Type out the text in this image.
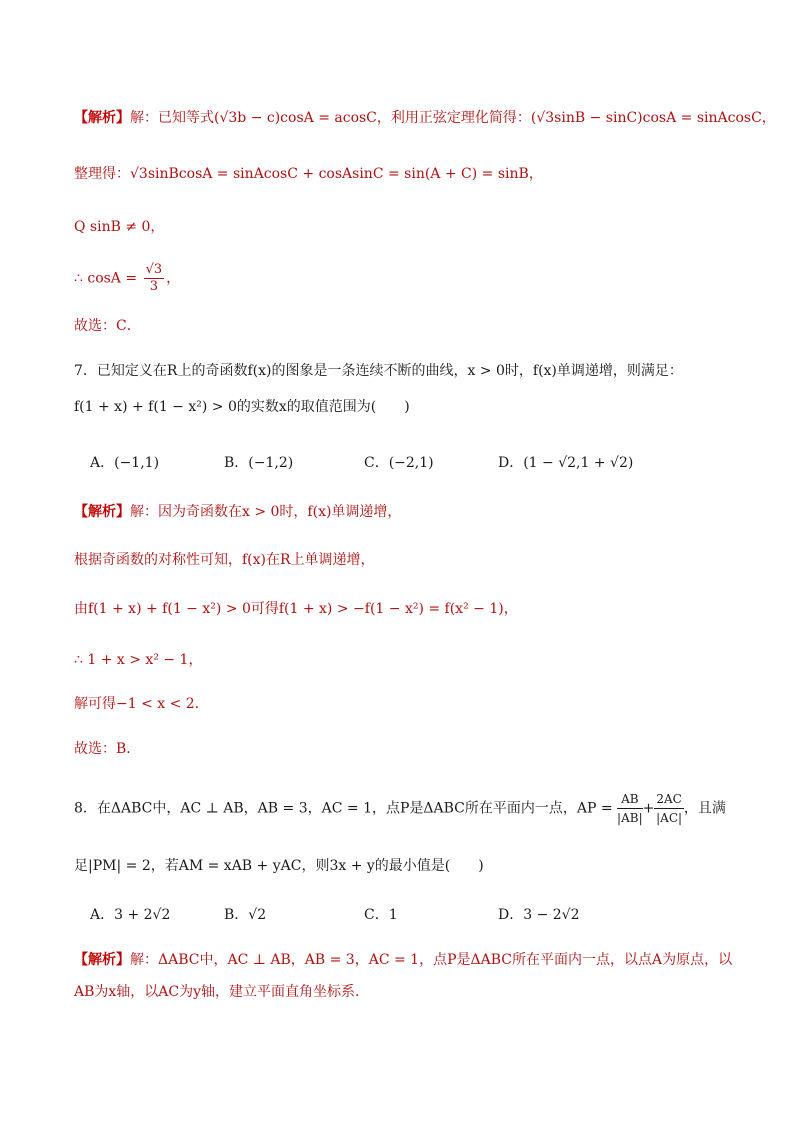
【解析】解：已知等式(√3b − c)cosA = acosC，利用正弦定理化简得：(√3sinB − sinC)cosA = sinAcosC，
整理得：√3sinBcosA = sinAcosC + cosAsinC = sin(A + C) = sinB，
Q sinB ≠ 0，
∴ $\cos A = \frac{√3}{3}$ ，
故选：C．
7．已知定义在R上的奇函数f(x)的图象是一条连续不断的曲线，x > 0时，f(x)单调递增，则满足：
f(1 + x) + f(1 − x²) > 0的实数x的取值范围为(　　)
A．(−1,1)	B．(−1,2)	C．(−2,1)	D．(1 − √2,1 + √2)
【解析】解：因为奇函数在x > 0时，f(x)单调递增，
根据奇函数的对称性可知，f(x)在R上单调递增，
由f(1 + x) + f(1 − x²) > 0可得f(1 + x) > −f(1 − x²) = f(x² − 1)，
∴ 1 + x > x² − 1，
解可得−1 < x < 2．
故选：B．
8．在ΔABC中，AC ⊥ AB，AB = 3，AC = 1，点P是ΔABC所在平面内一点，AP = $\frac{AB}{|AB|} + \frac{2AC}{|AC|}$ ，且满
足|PM| = 2，若AM = xAB + yAC，则3x + y的最小值是(　　)
A．3 + 2√2	B．√2	C．1	D．3 − 2√2
【解析】解：ΔABC中，AC ⊥ AB，AB = 3，AC = 1，点P是ΔABC所在平面内一点，以点A为原点，以
AB为x轴，以AC为y轴，建立平面直角坐标系．
